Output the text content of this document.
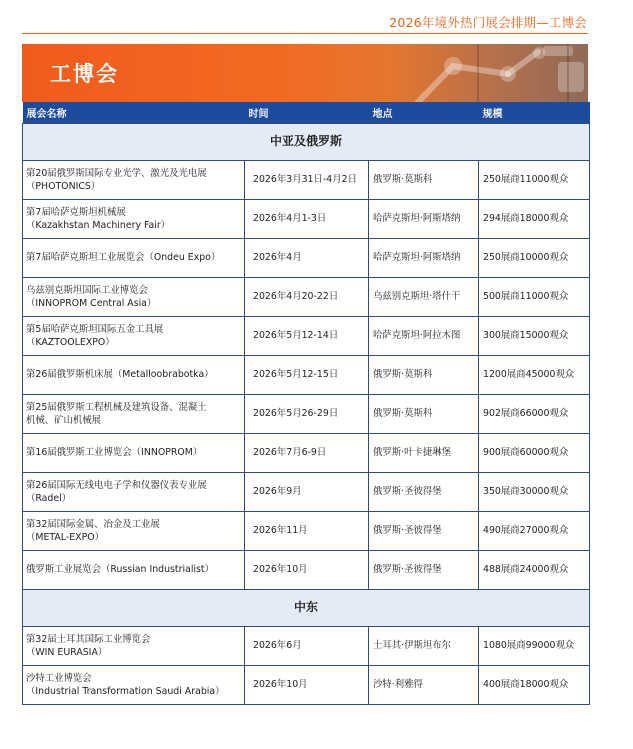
2026年境外热门展会排期—工博会
工博会
展会名称	时间	地点	规模
中亚及俄罗斯			

第20届俄罗斯国际专业光学、激光及光电展
（PHOTONICS）	2026年3月31日-4月2日	俄罗斯·莫斯科	250展商11000观众

第7届哈萨克斯坦机械展
（Kazakhstan Machinery Fair）	2026年4月1-3日	哈萨克斯坦·阿斯塔纳	294展商18000观众

第7届哈萨克斯坦工业展览会（Ondeu Expo）	2026年4月	哈萨克斯坦·阿斯塔纳	250展商10000观众

乌兹别克斯坦国际工业博览会
（INNOPROM Central Asia）	2026年4月20-22日	乌兹别克斯坦·塔什干	500展商11000观众

第5届哈萨克斯坦国际五金工具展
（KAZTOOLEXPO）	2026年5月12-14日	哈萨克斯坦·阿拉木图	300展商15000观众

第26届俄罗斯机床展（Metalloobrabotka）	2026年5月12-15日	俄罗斯·莫斯科	1200展商45000观众

第25届俄罗斯工程机械及建筑设备、混凝土
机械、矿山机械展	2026年5月26-29日	俄罗斯·莫斯科	902展商66000观众

第16届俄罗斯工业博览会（INNOPROM）	2026年7月6-9日	俄罗斯·叶卡捷琳堡	900展商60000观众

第26届国际无线电电子学和仪器仪表专业展
（Radel）	2026年9月	俄罗斯·圣彼得堡	350展商30000观众

第32届国际金属、冶金及工业展
（METAL-EXPO）	2026年11月	俄罗斯·圣彼得堡	490展商27000观众

俄罗斯工业展览会（Russian Industrialist）	2026年10月	俄罗斯·圣彼得堡	488展商24000观众
中东			

第32届土耳其国际工业博览会
（WIN EURASIA）	2026年6月	土耳其·伊斯坦布尔	1080展商99000观众

沙特工业博览会
（Industrial Transformation Saudi Arabia）	2026年10月	沙特·利雅得	400展商18000观众
